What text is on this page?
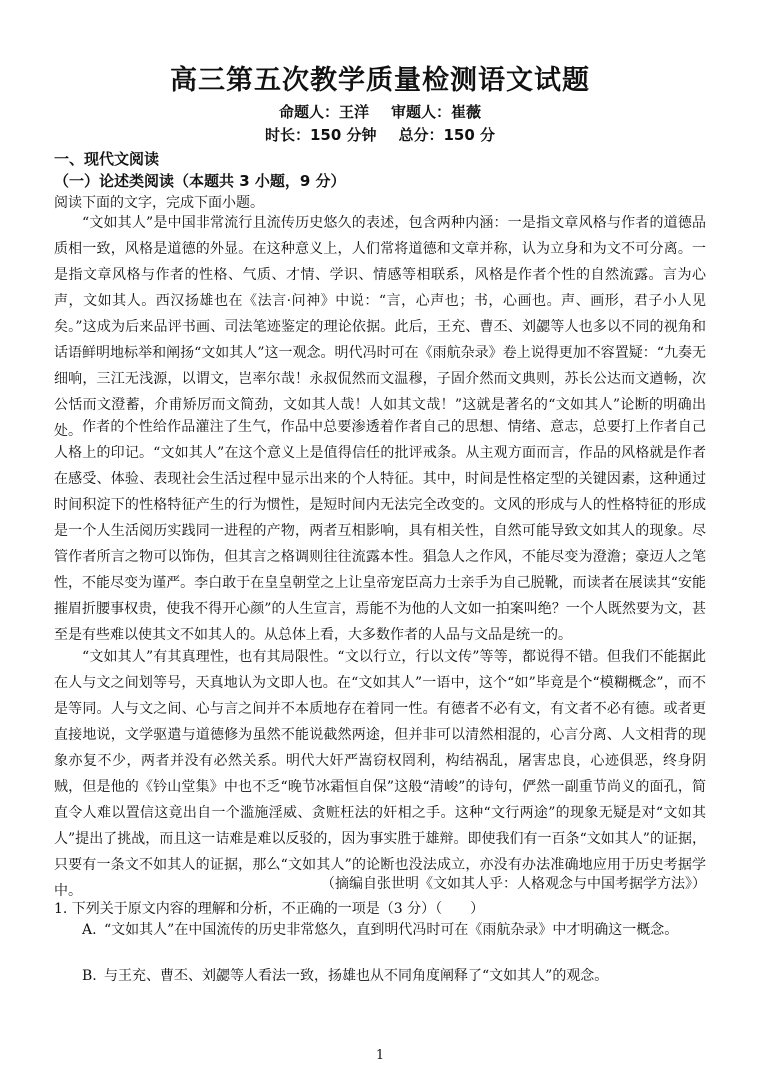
高三第五次教学质量检测语文试题
命题人：王洋 审题人：崔薇
时长：150 分钟 总分：150 分
一、现代文阅读
（一）论述类阅读（本题共 3 小题，9 分）
阅读下面的文字，完成下面小题。

“文如其人”是中国非常流行且流传历史悠久的表述，包含两种内涵：一是指文章风格与作者的道德品质相一致，风格是道德的外显。在这种意义上，人们常将道德和文章并称，认为立身和为文不可分离。一是指文章风格与作者的性格、气质、才情、学识、情感等相联系，风格是作者个性的自然流露。言为心声，文如其人。西汉扬雄也在《法言·问神》中说：“言，心声也；书，心画也。声、画形，君子小人见矣。”这成为后来品评书画、司法笔迹鉴定的理论依据。此后，王充、曹丕、刘勰等人也多以不同的视角和话语鲜明地标举和阐扬“文如其人”这一观念。明代冯时可在《雨航杂录》卷上说得更加不容置疑：“九奏无细响，三江无浅源，以谓文，岂率尔哉！永叔侃然而文温穆，子固介然而文典则，苏长公达而文遒畅，次公恬而文澄蓄，介甫矫厉而文简劲，文如其人哉！人如其文哉！”这就是著名的“文如其人”论断的明确出处。 作者的个性给作品灌注了生气，作品中总要渗透着作者自己的思想、情绪、意志，总要打上作者自己人格上的印记。“文如其人”在这个意义上是值得信任的批评戒条。从主观方面而言，作品的风格就是作者在感受、体验、表现社会生活过程中显示出来的个人特征。其中，时间是性格定型的关键因素，这种通过时间积淀下的性格特征产生的行为惯性，是短时间内无法完全改变的。文风的形成与人的性格特征的形成是一个人生活阅历实践同一进程的产物，两者互相影响，具有相关性，自然可能导致文如其人的现象。尽管作者所言之物可以饰伪，但其言之格调则往往流露本性。猖急人之作风，不能尽变为澄澹；豪迈人之笔性，不能尽变为谨严。李白敢于在皇皇朝堂之上让皇帝宠臣高力士亲手为自己脱靴，而读者在展读其“安能摧眉折腰事权贵，使我不得开心颜”的人生宣言，焉能不为他的人文如一拍案叫绝？一个人既然要为文，甚至是有些难以使其文不如其人的。从总体上看，大多数作者的人品与文品是统一的。

“文如其人”有其真理性，也有其局限性。“文以行立，行以文传”等等，都说得不错。但我们不能据此在人与文之间划等号，天真地认为文即人也。在“文如其人”一语中，这个“如”毕竟是个“模糊概念”，而不是等同。人与文之间、心与言之间并不本质地存在着同一性。有德者不必有文，有文者不必有德。或者更直接地说，文学驱遣与道德修为虽然不能说截然两途，但并非可以清然相混的，心言分离、人文相背的现象亦复不少，两者并没有必然关系。明代大奸严嵩窃权罔利，构结祸乱，屠害忠良，心迹俱恶，终身阴贼，但是他的《钤山堂集》中也不乏“晚节冰霜恒自保”这般“清峻”的诗句，俨然一副重节尚义的面孔，简直令人难以置信这竟出自一个滥施淫威、贪赃枉法的奸相之手。这种“文行两途”的现象无疑是对“文如其人”提出了挑战，而且这一诘难是难以反驳的，因为事实胜于雄辩。即使我们有一百条“文如其人”的证据，只要有一条文不如其人的证据，那么“文如其人”的论断也没法成立，亦没有办法准确地应用于历史考据学中。	（摘编自张世明《文如其人乎：人格观念与中国考据学方法》）
1. 下列关于原文内容的理解和分析，不正确的一项是（3 分）（　　）

A. “文如其人”在中国流传的历史非常悠久，直到明代冯时可在《雨航杂录》中才明确这一概念。

B. 与王充、曹丕、刘勰等人看法一致，扬雄也从不同角度阐释了“文如其人”的观念。

1
